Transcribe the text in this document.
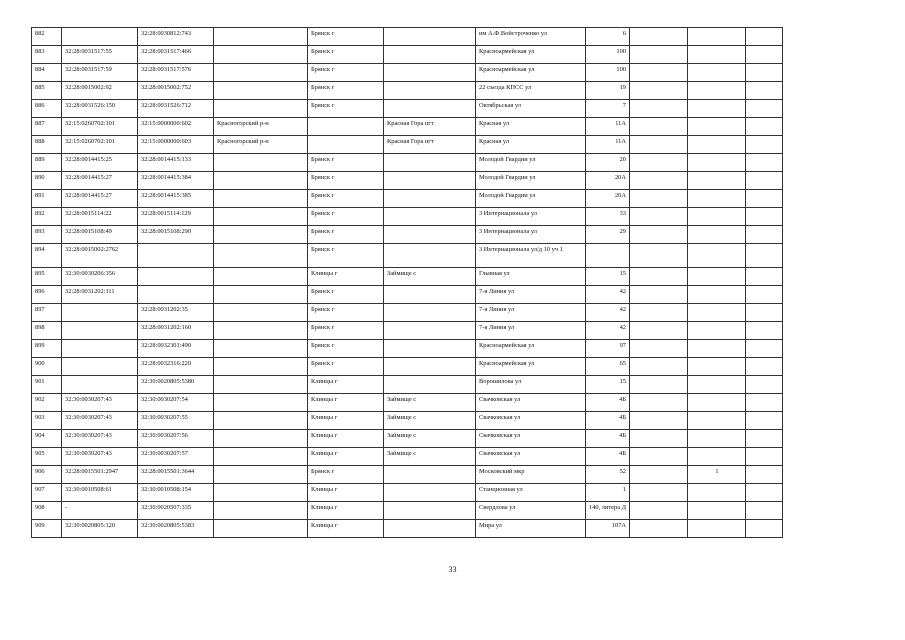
882		32:28:0030812:743		Брянск г		им А.Ф.Войстроченко ул	6			
883	32:28:0031517:55	32:28:0031517:466		Брянск г		Красноармейская ул	100			
884	32:28:0031517:59	32:28:0031517:576		Брянск г		Красноармейская ул	100			
885	32:28:0015002:92	32:28:0015002:752		Брянск г		22 съезда КПСС ул	19			
886	32:28:0031526:150	32:28:0031526:712		Брянск г		Октябрьская ул	7			
887	32:15:0260702:101	32:15:0000000:602	Красногорский р-н		Красная Гора пгт	Красная ул	11А			
888	32:15:0260702:101	32:15:0000000:603	Красногорский р-н		Красная Гора пгт	Красная ул	11А			
889	32:28:0014415:25	32:28:0014415:133		Брянск г		Молодой Гвардии ул	20			
890	32:28:0014415:27	32:28:0014415:384		Брянск г		Молодой Гвардии ул	20А			
891	32:28:0014415:27	32:28:0014415:385		Брянск г		Молодой Гвардии ул	20А			
892	32:28:0015114:22	32:28:0015114:129		Брянск г		3 Интернационала ул	33			
893	32:28:0015108:49	32:28:0015108:290		Брянск г		3 Интернационала ул	29			
894	32:28:0015002:2762			Брянск г		3 Интернационала ул/д 10 уч 1				
895	32:30:0030206:356			Клинцы г	Займище с	Глывная ул	15			
896	32:28:0031202:111			Брянск г		7-я Линия ул	42			
897		32:28:0031202:35		Брянск г		7-я Линия ул	42			
898		32:28:0031202:160		Брянск г		7-я Линия ул	42			
899		32:28:0032301:490		Брянск г		Красноармейская ул	97			
900		32:28:0032316:220		Брянск г		Красноармейская ул	65			
901		32:30:0020805:5380		Клинцы г		Ворошилова ул	15			
902	32:30:0030207:43	32:30:0030207:54		Клинцы г	Займище с	Свачковская ул	4Б			
903	32:30:0030207:43	32:30:0030207:55		Клинцы г	Займище с	Свачковская ул	4Б			
904	32:30:0030207:43	32:30:0030207:56		Клинцы г	Займище с	Свачковская ул	4Б			
905	32:30:0030207:43	32:30:0030207:57		Клинцы г	Займище с	Свачковская ул	4Б			
906	32:28:0015501:2947	32:28:0015501:3644		Брянск г		Московский мкр	52		1	
907	32:30:0010508:61	32:30:0010508:154		Клинцы г		Станционная ул	1			
908	-	32:30:0020507:335		Клинцы г		Свердлова ул	140, литера Д			
909	32:30:0020805:120	32:30:0020805:5383		Клинцы г		Мира ул	107А			
33
